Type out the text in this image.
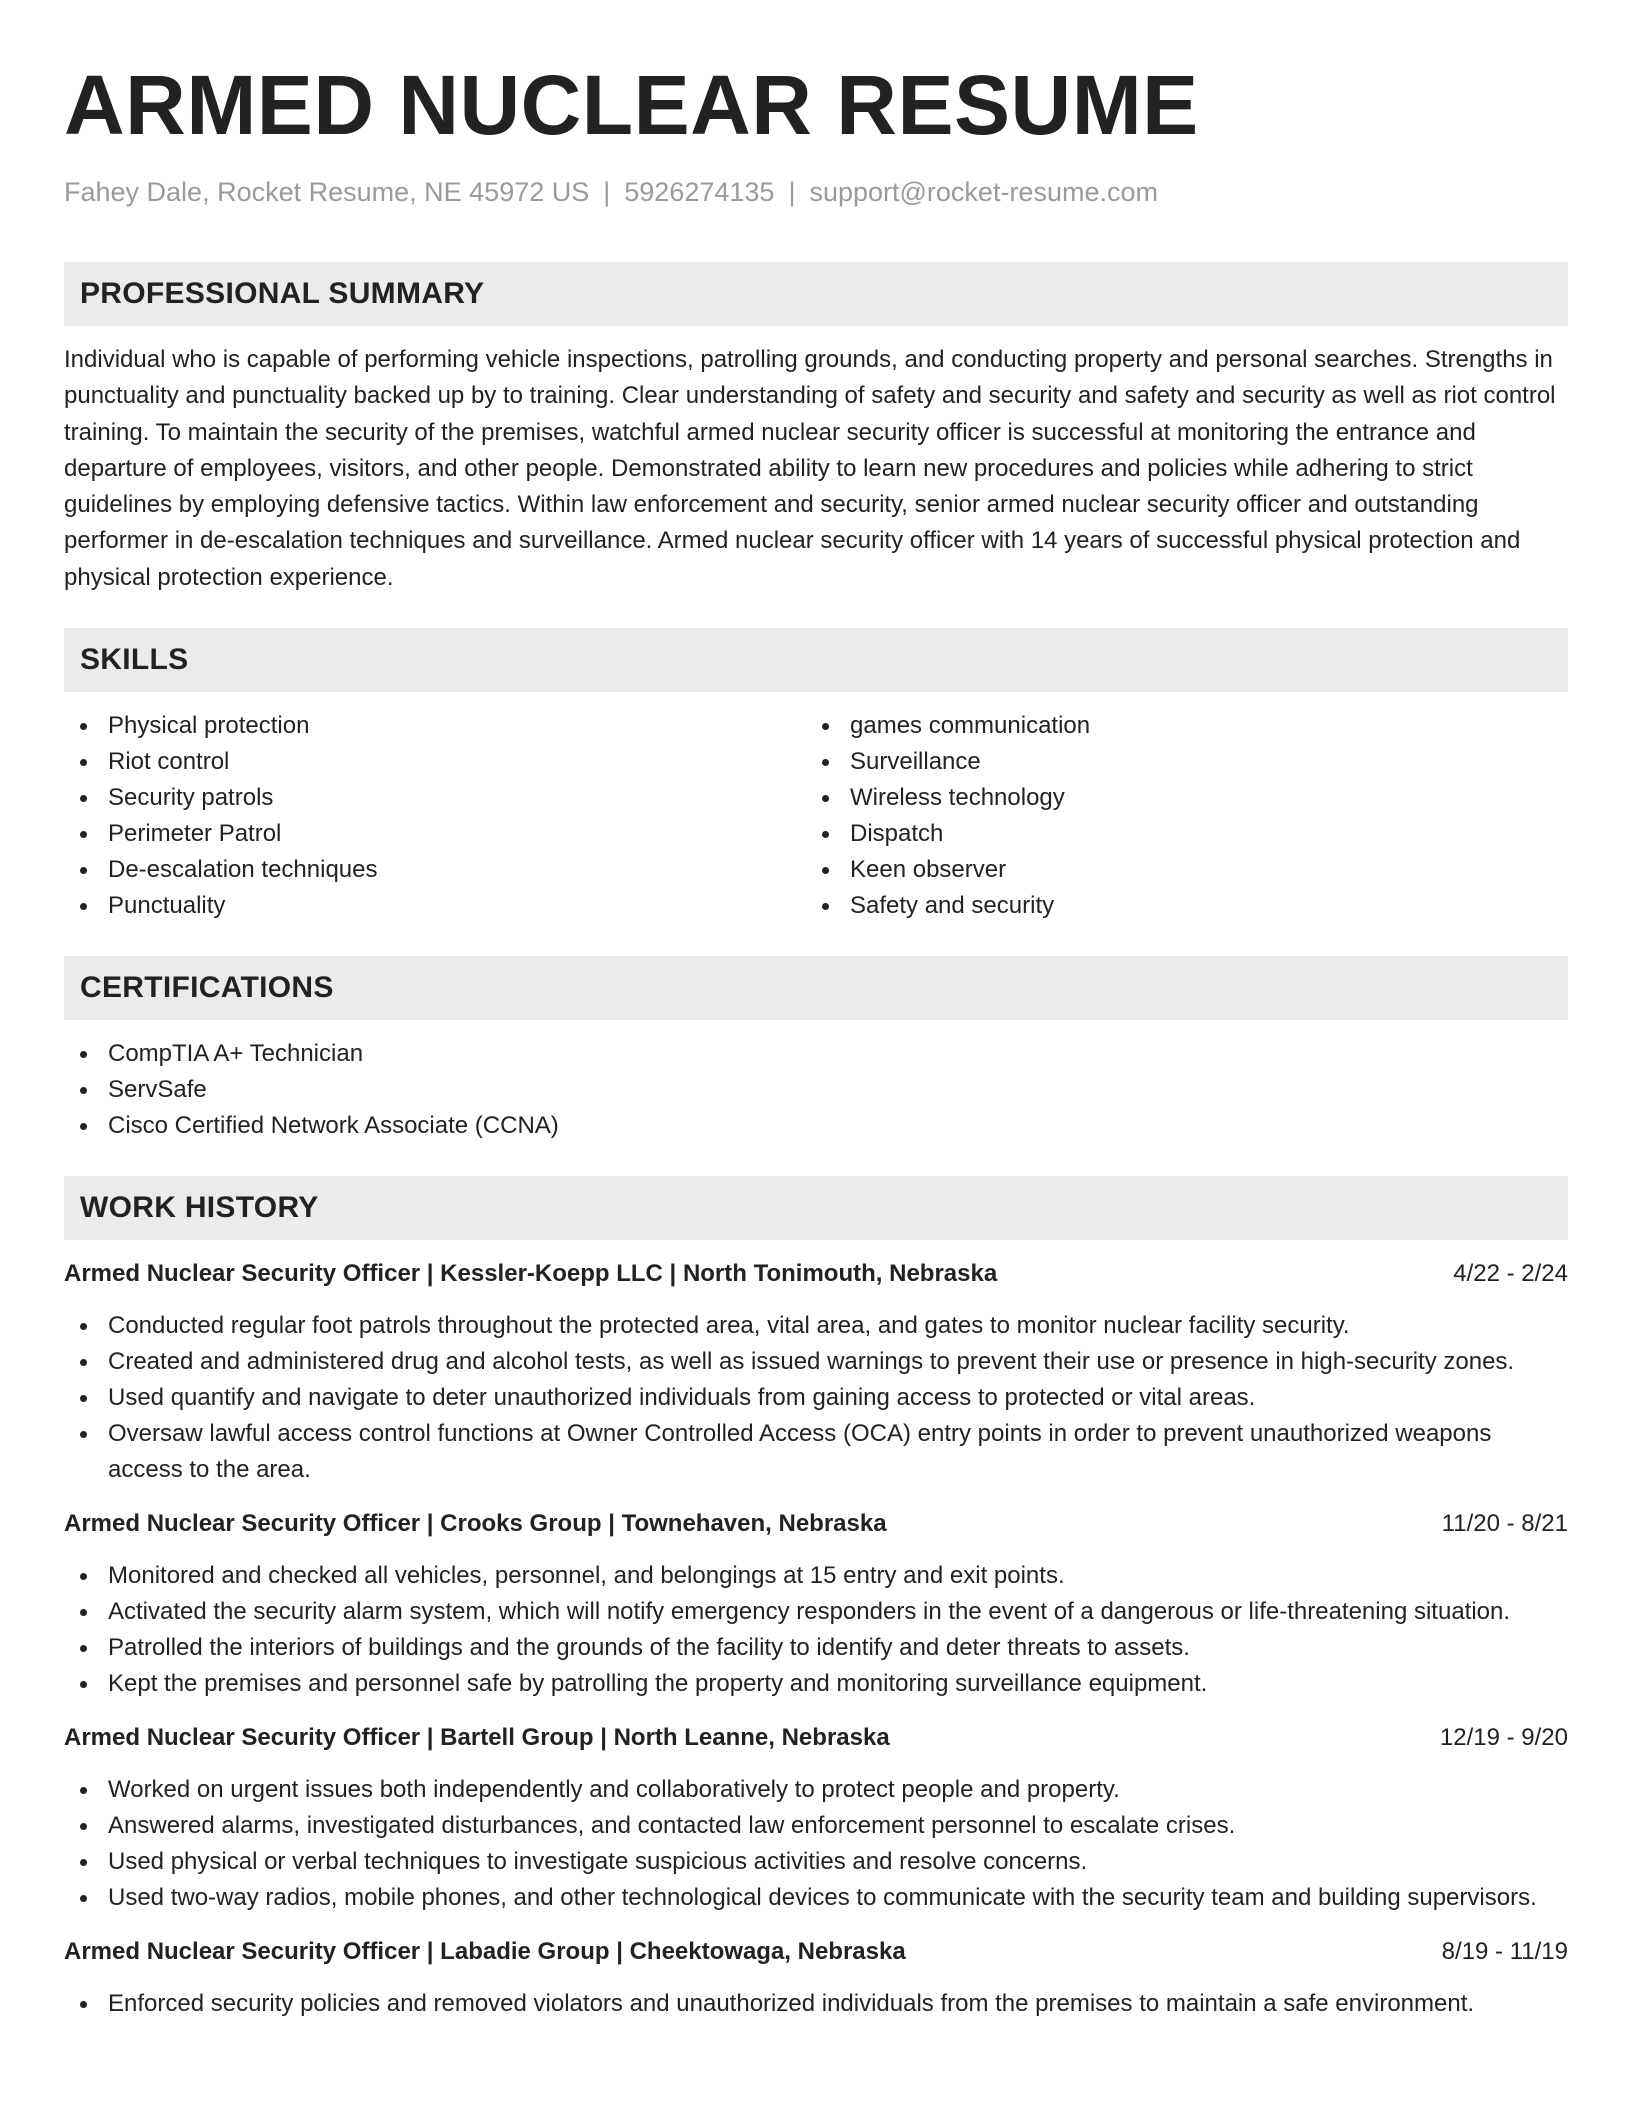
ARMED NUCLEAR RESUME
Fahey Dale, Rocket Resume, NE 45972 US | 5926274135 | support@rocket-resume.com
PROFESSIONAL SUMMARY
Individual who is capable of performing vehicle inspections, patrolling grounds, and conducting property and personal searches. Strengths in punctuality and punctuality backed up by to training. Clear understanding of safety and security and safety and security as well as riot control training. To maintain the security of the premises, watchful armed nuclear security officer is successful at monitoring the entrance and departure of employees, visitors, and other people. Demonstrated ability to learn new procedures and policies while adhering to strict guidelines by employing defensive tactics. Within law enforcement and security, senior armed nuclear security officer and outstanding performer in de-escalation techniques and surveillance. Armed nuclear security officer with 14 years of successful physical protection and physical protection experience.
SKILLS
Physical protection
Riot control
Security patrols
Perimeter Patrol
De-escalation techniques
Punctuality
games communication
Surveillance
Wireless technology
Dispatch
Keen observer
Safety and security
CERTIFICATIONS
CompTIA A+ Technician
ServSafe
Cisco Certified Network Associate (CCNA)
WORK HISTORY
Armed Nuclear Security Officer | Kessler-Koepp LLC | North Tonimouth, Nebraska	4/22 - 2/24
Conducted regular foot patrols throughout the protected area, vital area, and gates to monitor nuclear facility security.
Created and administered drug and alcohol tests, as well as issued warnings to prevent their use or presence in high-security zones.
Used quantify and navigate to deter unauthorized individuals from gaining access to protected or vital areas.
Oversaw lawful access control functions at Owner Controlled Access (OCA) entry points in order to prevent unauthorized weapons access to the area.
Armed Nuclear Security Officer | Crooks Group | Townehaven, Nebraska	11/20 - 8/21
Monitored and checked all vehicles, personnel, and belongings at 15 entry and exit points.
Activated the security alarm system, which will notify emergency responders in the event of a dangerous or life-threatening situation.
Patrolled the interiors of buildings and the grounds of the facility to identify and deter threats to assets.
Kept the premises and personnel safe by patrolling the property and monitoring surveillance equipment.
Armed Nuclear Security Officer | Bartell Group | North Leanne, Nebraska	12/19 - 9/20
Worked on urgent issues both independently and collaboratively to protect people and property.
Answered alarms, investigated disturbances, and contacted law enforcement personnel to escalate crises.
Used physical or verbal techniques to investigate suspicious activities and resolve concerns.
Used two-way radios, mobile phones, and other technological devices to communicate with the security team and building supervisors.
Armed Nuclear Security Officer | Labadie Group | Cheektowaga, Nebraska	8/19 - 11/19
Enforced security policies and removed violators and unauthorized individuals from the premises to maintain a safe environment.
